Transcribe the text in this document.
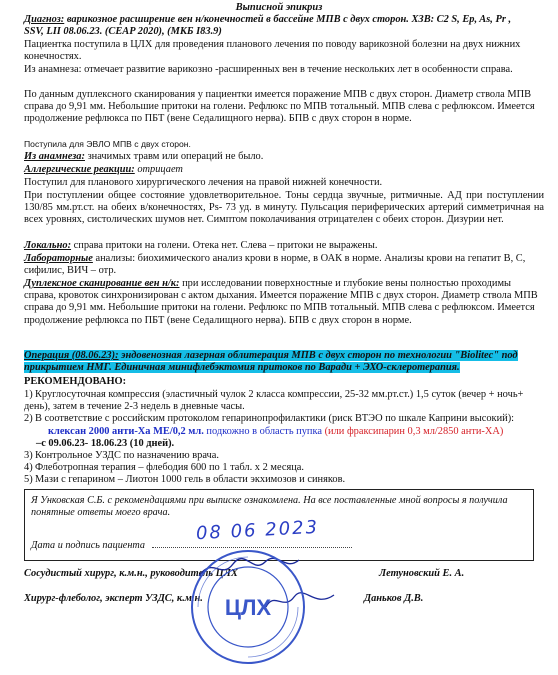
Выписной эпикриз
Диагноз: варикозное расширение вен н/конечностей в бассейне МПВ с двух сторон. ХЗВ: С2 S, Ep, As, Pr ,
SSV, LII 08.06.23. (CEAP 2020), (МКБ I83.9)
Пациентка поступила в ЦЛХ для проведения планового лечения по поводу варикозной болезни на двух нижних конечностях.
Из анамнеза: отмечает развитие варикозно -расширенных вен в течение нескольких лет в особенности справа.
По данным дуплексного сканирования у пациентки имеется поражение МПВ с двух сторон. Диаметр ствола МПВ справа до 9,91 мм. Небольшие притоки на голени. Рефлюкс по МПВ тотальный. МПВ слева с рефлюксом. Имеется продолжение рефлюкса по ПБТ (вене Седалищного нерва). БПВ с двух сторон в норме.
Поступила для ЭВЛО МПВ с двух сторон.
Из анамнеза: значимых травм или операций не было.
Аллергические реакции: отрицает
Поступил для планового хирургического лечения на правой нижней конечности.
При поступлении общее состояние удовлетворительное. Тоны сердца звучные, ритмичные. АД при поступлении 130/85 мм.рт.ст. на обеих в/конечностях, Ps- 73 уд. в минуту. Пульсация периферических артерий симметричная на всех уровнях, систолических шумов нет. Симптом поколачивания отрицателен с обеих сторон. Дизурии нет.
Локально: справа притоки на голени. Отека нет. Слева – притоки не выражены.
Лабораторные анализы: биохимического анализ крови в норме, в ОАК в норме. Анализы крови на гепатит В, С, сифилис, ВИЧ – отр.
Дуплексное сканирование вен н/к: при исследовании поверхностные и глубокие вены полностью проходимы справа, кровоток синхронизирован с актом дыхания. Имеется поражение МПВ с двух сторон. Диаметр ствола МПВ справа до 9,91 мм. Небольшие притоки на голени. Рефлюкс по МПВ тотальный. МПВ слева с рефлюксом. Имеется продолжение рефлюкса по ПБТ (вене Седалищного нерва). БПВ с двух сторон в норме.
Операция (08.06.23): эндовенозная лазерная облитерация МПВ с двух сторон по технологии "Biolitec" под прикрытием НМГ. Единичная минифлебэктомия притоков по Варади + ЭХО-склеротерапия.
РЕКОМЕНДОВАНО:
1) Круглосуточная компрессия (эластичный чулок 2 класса компрессии, 25-32 мм.рт.ст.) 1,5 суток (вечер + ночь+ день), затем в течение 2-3 недель в дневные часы.
2) В соответствие с российским протоколом гепаринопрофилактики (риск ВТЭО по шкале Каприни высокий):
клексан 2000 анти-Ха МЕ/0,2 мл. подкожно в область пупка (или фраксипарин 0,3 мл/2850 анти-ХА)
–с 09.06.23- 18.06.23 (10 дней).
3) Контрольное УЗДС по назначению врача.
4) Флеботропная терапия – флебодия 600 по 1 табл. х 2 месяца.
5) Мази с гепарином – Лиотон 1000 гель в области экхимозов и синяков.
Я Унковская С.Б. с рекомендациями при выписке ознакомлена. На все поставленные мной вопросы я получила понятные ответы моего врача.
Дата и подпись пациента
08 06 2023
Сосудистый хирург, к.м.н., руководитель ЦЛХ	Летуновский Е. А.
Хирург-флеболог, эксперт УЗДС, к.м.н.	Даньков Д.В.
ЦЛХ
